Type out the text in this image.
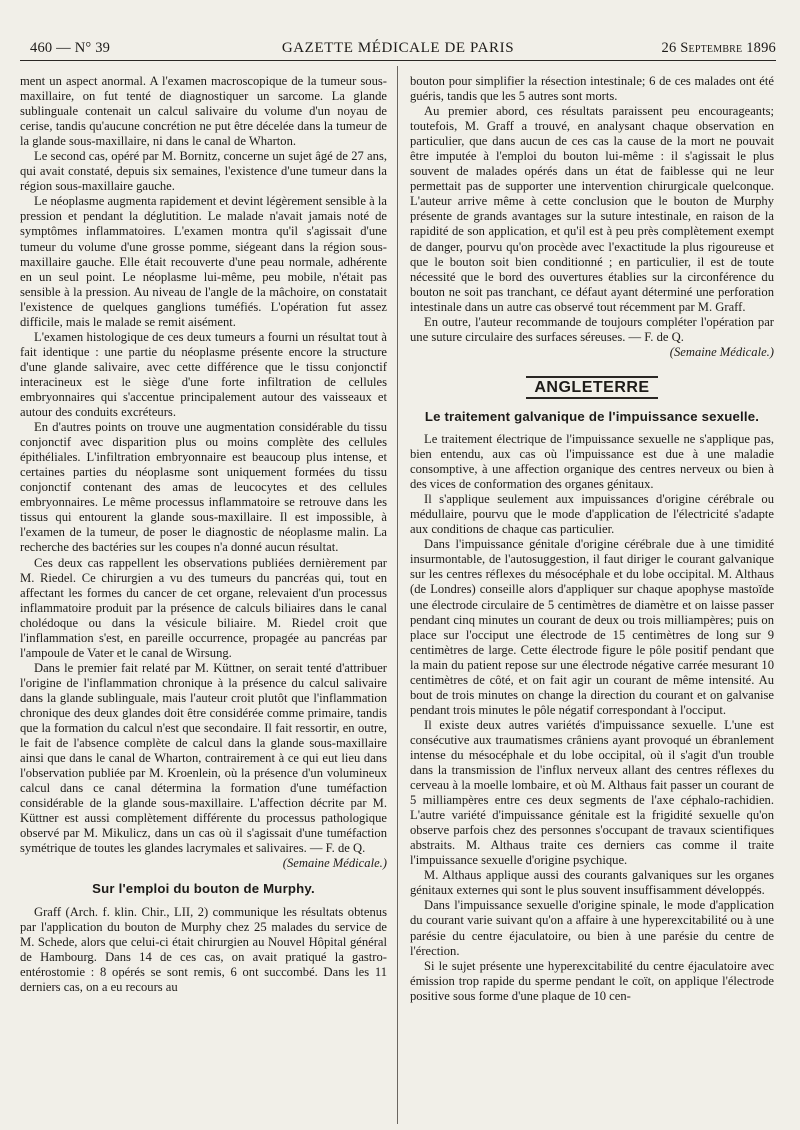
460 — N° 39	GAZETTE MÉDICALE DE PARIS	26 Septembre 1896

ment un aspect anormal. A l'examen macroscopique de la tumeur sous-maxillaire, on fut tenté de diagnostiquer un sarcome. La glande sublinguale contenait un calcul salivaire du volume d'un noyau de cerise, tandis qu'aucune concrétion ne put être décelée dans la tumeur de la glande sous-maxillaire, ni dans le canal de Wharton.

Le second cas, opéré par M. Bornitz, concerne un sujet âgé de 27 ans, qui avait constaté, depuis six semaines, l'existence d'une tumeur dans la région sous-maxillaire gauche.

Le néoplasme augmenta rapidement et devint légèrement sensible à la pression et pendant la déglutition. Le malade n'avait jamais noté de symptômes inflammatoires. L'examen montra qu'il s'agissait d'une tumeur du volume d'une grosse pomme, siégeant dans la région sous-maxillaire gauche. Elle était recouverte d'une peau normale, adhérente en un seul point. Le néoplasme lui-même, peu mobile, n'était pas sensible à la pression. Au niveau de l'angle de la mâchoire, on constatait l'existence de quelques ganglions tuméfiés. L'opération fut assez difficile, mais le malade se remit aisément.

L'examen histologique de ces deux tumeurs a fourni un résultat tout à fait identique : une partie du néoplasme présente encore la structure d'une glande salivaire, avec cette différence que le tissu conjonctif interacineux est le siège d'une forte infiltration de cellules embryonnaires qui s'accentue principalement autour des vaisseaux et autour des conduits excréteurs.

En d'autres points on trouve une augmentation considérable du tissu conjonctif avec disparition plus ou moins complète des cellules épithéliales. L'infiltration embryonnaire est beaucoup plus intense, et certaines parties du néoplasme sont uniquement formées du tissu conjonctif contenant des amas de leucocytes et des cellules embryonnaires. Le même processus inflammatoire se retrouve dans les tissus qui entourent la glande sous-maxillaire. Il est impossible, à l'examen de la tumeur, de poser le diagnostic de néoplasme malin. La recherche des bactéries sur les coupes n'a donné aucun résultat.

Ces deux cas rappellent les observations publiées dernièrement par M. Riedel. Ce chirurgien a vu des tumeurs du pancréas qui, tout en affectant les formes du cancer de cet organe, relevaient d'un processus inflammatoire produit par la présence de calculs biliaires dans le canal cholédoque ou dans la vésicule biliaire. M. Riedel croit que l'inflammation s'est, en pareille occurrence, propagée au pancréas par l'ampoule de Vater et le canal de Wirsung.

Dans le premier fait relaté par M. Küttner, on serait tenté d'attribuer l'origine de l'inflammation chronique à la présence du calcul salivaire dans la glande sublinguale, mais l'auteur croit plutôt que l'inflammation chronique des deux glandes doit être considérée comme primaire, tandis que la formation du calcul n'est que secondaire. Il fait ressortir, en outre, le fait de l'absence complète de calcul dans la glande sous-maxillaire ainsi que dans le canal de Wharton, contrairement à ce qui eut lieu dans l'observation publiée par M. Kroenlein, où la présence d'un volumineux calcul dans ce canal détermina la formation d'une tuméfaction considérable de la glande sous-maxillaire. L'affection décrite par M. Küttner est aussi complètement différente du processus pathologique observé par M. Mikulicz, dans un cas où il s'agissait d'une tuméfaction symétrique de toutes les glandes lacrymales et salivaires. — F. de Q.

(Semaine Médicale.)

Sur l'emploi du bouton de Murphy.

Graff (Arch. f. klin. Chir., LII, 2) communique les résultats obtenus par l'application du bouton de Murphy chez 25 malades du service de M. Schede, alors que celui-ci était chirurgien au Nouvel Hôpital général de Hambourg. Dans 14 de ces cas, on avait pratiqué la gastro-entérostomie : 8 opérés se sont remis, 6 ont succombé. Dans les 11 derniers cas, on a eu recours au

bouton pour simplifier la résection intestinale; 6 de ces malades ont été guéris, tandis que les 5 autres sont morts.

Au premier abord, ces résultats paraissent peu encourageants; toutefois, M. Graff a trouvé, en analysant chaque observation en particulier, que dans aucun de ces cas la cause de la mort ne pouvait être imputée à l'emploi du bouton lui-même : il s'agissait le plus souvent de malades opérés dans un état de faiblesse qui ne leur permettait pas de supporter une intervention chirurgicale quelconque. L'auteur arrive même à cette conclusion que le bouton de Murphy présente de grands avantages sur la suture intestinale, en raison de la rapidité de son application, et qu'il est à peu près complètement exempt de danger, pourvu qu'on procède avec l'exactitude la plus rigoureuse et que le bouton soit bien conditionné ; en particulier, il est de toute nécessité que le bord des ouvertures établies sur la circonférence du bouton ne soit pas tranchant, ce défaut ayant déterminé une perforation intestinale dans un autre cas observé tout récemment par M. Graff.

En outre, l'auteur recommande de toujours compléter l'opération par une suture circulaire des surfaces séreuses. — F. de Q.

(Semaine Médicale.)

ANGLETERRE
Le traitement galvanique de l'impuissance sexuelle.

Le traitement électrique de l'impuissance sexuelle ne s'applique pas, bien entendu, aux cas où l'impuissance est due à une maladie consomptive, à une affection organique des centres nerveux ou bien à des vices de conformation des organes génitaux.

Il s'applique seulement aux impuissances d'origine cérébrale ou médullaire, pourvu que le mode d'application de l'électricité s'adapte aux conditions de chaque cas particulier.

Dans l'impuissance génitale d'origine cérébrale due à une timidité insurmontable, de l'autosuggestion, il faut diriger le courant galvanique sur les centres réflexes du mésocéphale et du lobe occipital. M. Althaus (de Londres) conseille alors d'appliquer sur chaque apophyse mastoïde une électrode circulaire de 5 centimètres de diamètre et on laisse passer pendant cinq minutes un courant de deux ou trois milliampères; puis on place sur l'occiput une électrode de 15 centimètres de long sur 9 centimètres de large. Cette électrode figure le pôle positif pendant que la main du patient repose sur une électrode négative carrée mesurant 10 centimètres de côté, et on fait agir un courant de même intensité. Au bout de trois minutes on change la direction du courant et on galvanise pendant trois minutes le pôle négatif correspondant à l'occiput.

Il existe deux autres variétés d'impuissance sexuelle. L'une est consécutive aux traumatismes crâniens ayant provoqué un ébranlement intense du mésocéphale et du lobe occipital, où il s'agit d'un trouble dans la transmission de l'influx nerveux allant des centres réflexes du cerveau à la moelle lombaire, et où M. Althaus fait passer un courant de 5 milliampères entre ces deux segments de l'axe céphalo-rachidien. L'autre variété d'impuissance génitale est la frigidité sexuelle qu'on observe parfois chez des personnes s'occupant de travaux scientifiques abstraits. M. Althaus traite ces derniers cas comme il traite l'impuissance sexuelle d'origine psychique.

M. Althaus applique aussi des courants galvaniques sur les organes génitaux externes qui sont le plus souvent insuffisamment développés.

Dans l'impuissance sexuelle d'origine spinale, le mode d'application du courant varie suivant qu'on a affaire à une hyperexcitabilité ou à une parésie du centre éjaculatoire, ou bien à une parésie du centre de l'érection.

Si le sujet présente une hyperexcitabilité du centre éjaculatoire avec émission trop rapide du sperme pendant le coït, on applique l'électrode positive sous forme d'une plaque de 10 cen-
